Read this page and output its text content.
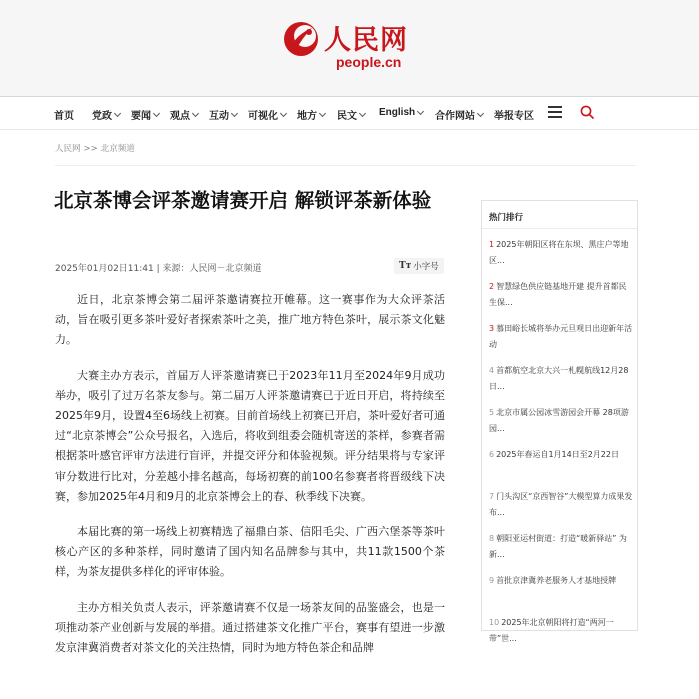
人民网
people.cn
首页 党政 要闻 观点 互动 可视化 地方 民文 English 合作网站 举报专区
人民网 >> 北京频道
北京茶博会评茶邀请赛开启 解锁评茶新体验
2025年01月02日11:41 | 来源：人民网－北京频道	Tт 小字号

近日，北京茶博会第二届评茶邀请赛拉开帷幕。这一赛事作为大众评茶活动，旨在吸引更多茶叶爱好者探索茶叶之美，推广地方特色茶叶，展示茶文化魅力。

大赛主办方表示，首届万人评茶邀请赛已于2023年11月至2024年9月成功举办，吸引了过万名茶友参与。第二届万人评茶邀请赛已于近日开启，将持续至2025年9月，设置4至6场线上初赛。目前首场线上初赛已开启，茶叶爱好者可通过“北京茶博会”公众号报名，入选后，将收到组委会随机寄送的茶样，参赛者需根据茶叶感官评审方法进行盲评，并提交评分和体验视频。评分结果将与专家评审分数进行比对，分差越小排名越高，每场初赛的前100名参赛者将晋级线下决赛，参加2025年4月和9月的北京茶博会上的春、秋季线下决赛。

本届比赛的第一场线上初赛精选了福鼎白茶、信阳毛尖、广西六堡茶等茶叶核心产区的多种茶样，同时邀请了国内知名品牌参与其中，共11款1500个茶样，为茶友提供多样化的评审体验。

主办方相关负责人表示，评茶邀请赛不仅是一场茶友间的品鉴盛会，也是一项推动茶产业创新与发展的举措。通过搭建茶文化推广平台，赛事有望进一步激发京津冀消费者对茶文化的关注热情，同时为地方特色茶企和品牌

热门排行
1 2025年朝阳区将在东坝、黑庄户等地区...
2 智慧绿色供应链基地开建 提升首都民生保...
3 慕田峪长城将举办元旦观日出迎新年活动
4 首都航空北京大兴一札幌航线12月28日...
5 北京市属公园冰雪游园会开幕 28项游园...
6 2025年春运自1月14日至2月22日
7 门头沟区“京西智谷”大模型算力成果发布...
8 朝阳亚运村街道：打造“暖新驿站” 为新...
9 首批京津冀养老服务人才基地授牌
10 2025年北京朝阳将打造“两河一带”世...
